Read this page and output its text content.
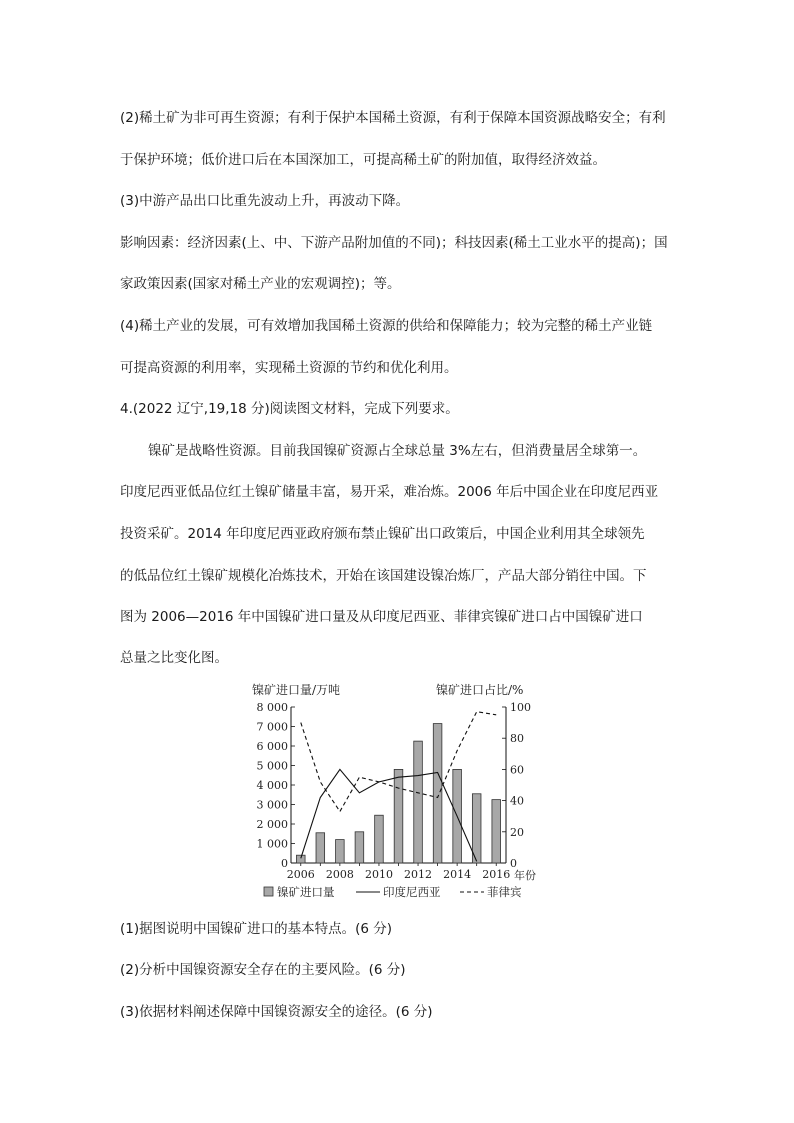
(2)稀土矿为非可再生资源；有利于保护本国稀土资源，有利于保障本国资源战略安全；有利
于保护环境；低价进口后在本国深加工，可提高稀土矿的附加值，取得经济效益。
(3)中游产品出口比重先波动上升，再波动下降。
影响因素：经济因素(上、中、下游产品附加值的不同)；科技因素(稀土工业水平的提高)；国
家政策因素(国家对稀土产业的宏观调控)；等。
(4)稀土产业的发展，可有效增加我国稀土资源的供给和保障能力；较为完整的稀土产业链
可提高资源的利用率，实现稀土资源的节约和优化利用。
4.(2022 辽宁,19,18 分)阅读图文材料，完成下列要求。
镍矿是战略性资源。目前我国镍矿资源占全球总量 3%左右，但消费量居全球第一。
印度尼西亚低品位红土镍矿储量丰富，易开采，难冶炼。2006 年后中国企业在印度尼西亚
投资采矿。2014 年印度尼西亚政府颁布禁止镍矿出口政策后，中国企业利用其全球领先
的低品位红土镍矿规模化冶炼技术，开始在该国建设镍冶炼厂，产品大部分销往中国。下
图为 2006—2016 年中国镍矿进口量及从印度尼西亚、菲律宾镍矿进口占中国镍矿进口
总量之比变化图。
镍矿进口量/万吨	镍矿进口占比/%
年份
0
1 000
2 000
3 000
4 000
5 000
6 000
7 000
8 000
0
20
40
60
80
100
2006 2008 2010 2012 2014 2016
镍矿进口量	印度尼西亚	菲律宾
(1)据图说明中国镍矿进口的基本特点。(6 分)
(2)分析中国镍资源安全存在的主要风险。(6 分)
(3)依据材料阐述保障中国镍资源安全的途径。(6 分)
